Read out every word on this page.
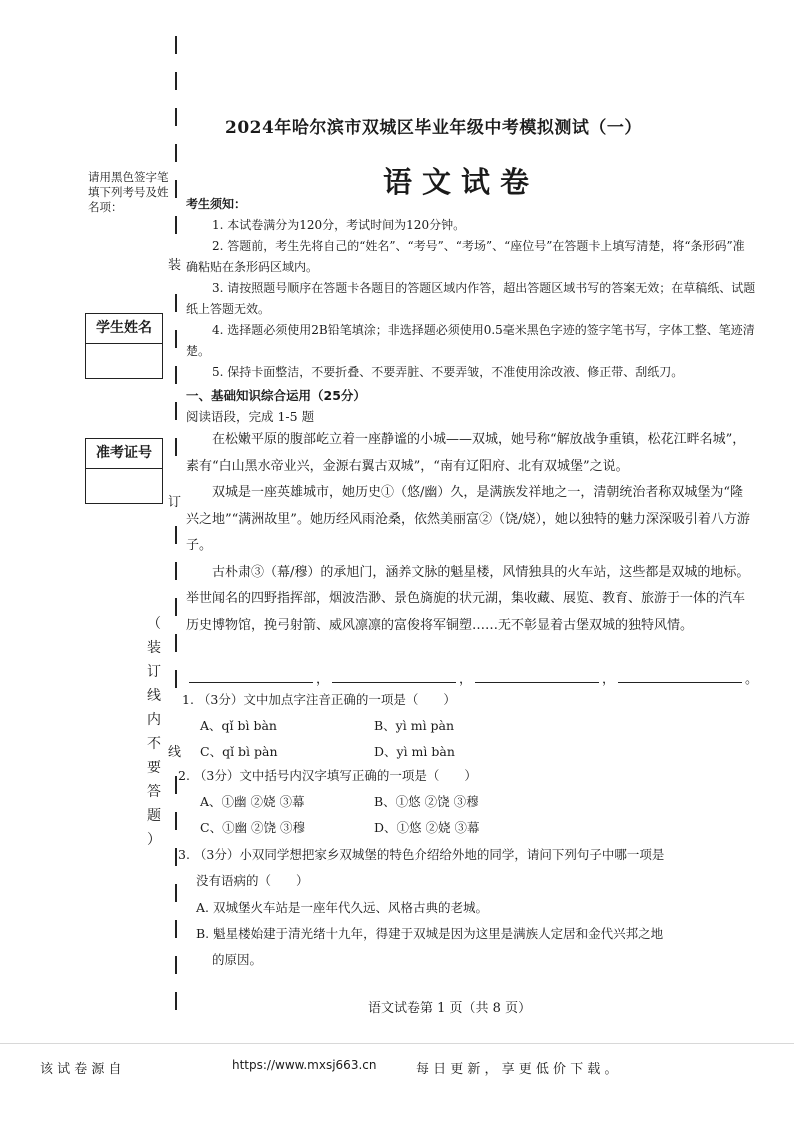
装
订
线
请用黑色签字笔填下列考号及姓名项：
学生姓名
准考证号
（
装
订
线
内
不
要
答
题
）
2024年哈尔滨市双城区毕业年级中考模拟测试（一）
语文试卷
考生须知：
1. 本试卷满分为120分，考试时间为120分钟。
2. 答题前，考生先将自己的“姓名”、“考号”、“考场”、“座位号”在答题卡上填写清楚，将“条形码”准确粘贴在条形码区域内。
3. 请按照题号顺序在答题卡各题目的答题区域内作答，超出答题区域书写的答案无效；在草稿纸、试题纸上答题无效。
4. 选择题必须使用2B铅笔填涂；非选择题必须使用0.5毫米黑色字迹的签字笔书写，字体工整、笔迹清楚。
5. 保持卡面整洁，不要折叠、不要弄脏、不要弄皱，不准使用涂改液、修正带、刮纸刀。
一、基础知识综合运用（25分）
阅读语段，完成 1-5 题
在松嫩平原的腹部屹立着一座静谧的小城——双城，她号称“解放战争重镇，松花江畔名城”，素有“白山黑水帝业兴，金源右翼古双城”，“南有辽阳府、北有双城堡”之说。
双城是一座英雄城市，她历史①（悠/幽）久，是满族发祥地之一，清朝统治者称双城堡为“隆兴之地”“满洲故里”。她历经风雨沧桑，依然美丽富②（饶/娆），她以独特的魅力深深吸引着八方游子。
古朴肃③（幕/穆）的承旭门，涵养文脉的魁星楼，风情独具的火车站，这些都是双城的地标。举世闻名的四野指挥部，烟波浩渺、景色旖旎的状元湖，集收藏、展览、教育、旅游于一体的汽车历史博物馆，挽弓射箭、威风凛凛的富俊将军铜塑……无不彰显着古堡双城的独特风情。
，	，	，	。
1. （3分）文中加点字注音正确的一项是（　　）
A、qǐ bì bàn	B、yì mì pàn
C、qǐ bì pàn	D、yì mì bàn
2. （3分）文中括号内汉字填写正确的一项是（　　）
A、①幽 ②娆 ③幕	B、①悠 ②饶 ③穆
C、①幽 ②饶 ③穆	D、①悠 ②娆 ③幕
3. （3分）小双同学想把家乡双城堡的特色介绍给外地的同学，请问下列句子中哪一项是
没有语病的（　　）
A. 双城堡火车站是一座年代久远、风格古典的老城。
B. 魁星楼始建于清光绪十九年，得建于双城是因为这里是满族人定居和金代兴邦之地
的原因。
语文试卷第 1 页（共 8 页）
该 试 卷 源 自	https://www.mxsj663.cn	每 日 更 新 ， 享 更 低 价 下 载 。
